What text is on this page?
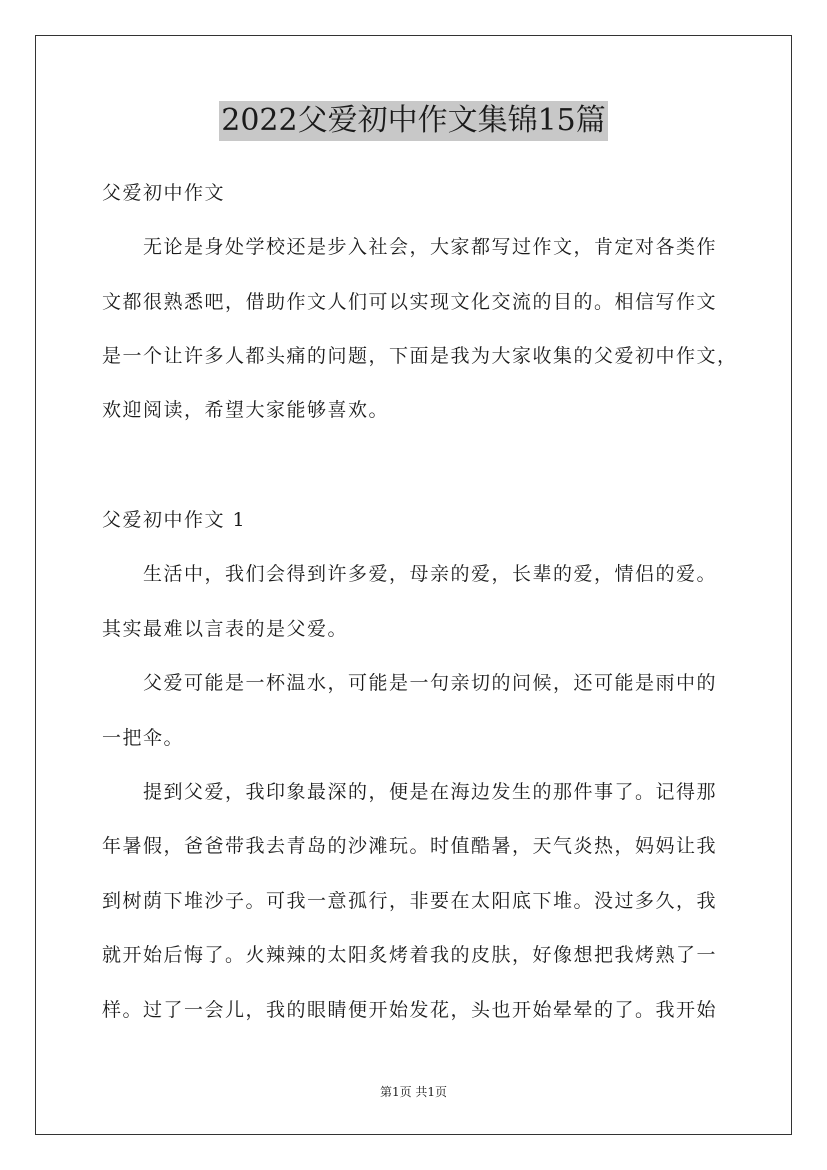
2022父爱初中作文集锦15篇
父爱初中作文
无论是身处学校还是步入社会，大家都写过作文，肯定对各类作
文都很熟悉吧，借助作文人们可以实现文化交流的目的。相信写作文
是一个让许多人都头痛的问题，下面是我为大家收集的父爱初中作文，
欢迎阅读，希望大家能够喜欢。
父爱初中作文 1
生活中，我们会得到许多爱，母亲的爱，长辈的爱，情侣的爱。
其实最难以言表的是父爱。
父爱可能是一杯温水，可能是一句亲切的问候，还可能是雨中的
一把伞。
提到父爱，我印象最深的，便是在海边发生的那件事了。记得那
年暑假，爸爸带我去青岛的沙滩玩。时值酷暑，天气炎热，妈妈让我
到树荫下堆沙子。可我一意孤行，非要在太阳底下堆。没过多久，我
就开始后悔了。火辣辣的太阳炙烤着我的皮肤，好像想把我烤熟了一
样。过了一会儿，我的眼睛便开始发花，头也开始晕晕的了。我开始
第1页 共1页
